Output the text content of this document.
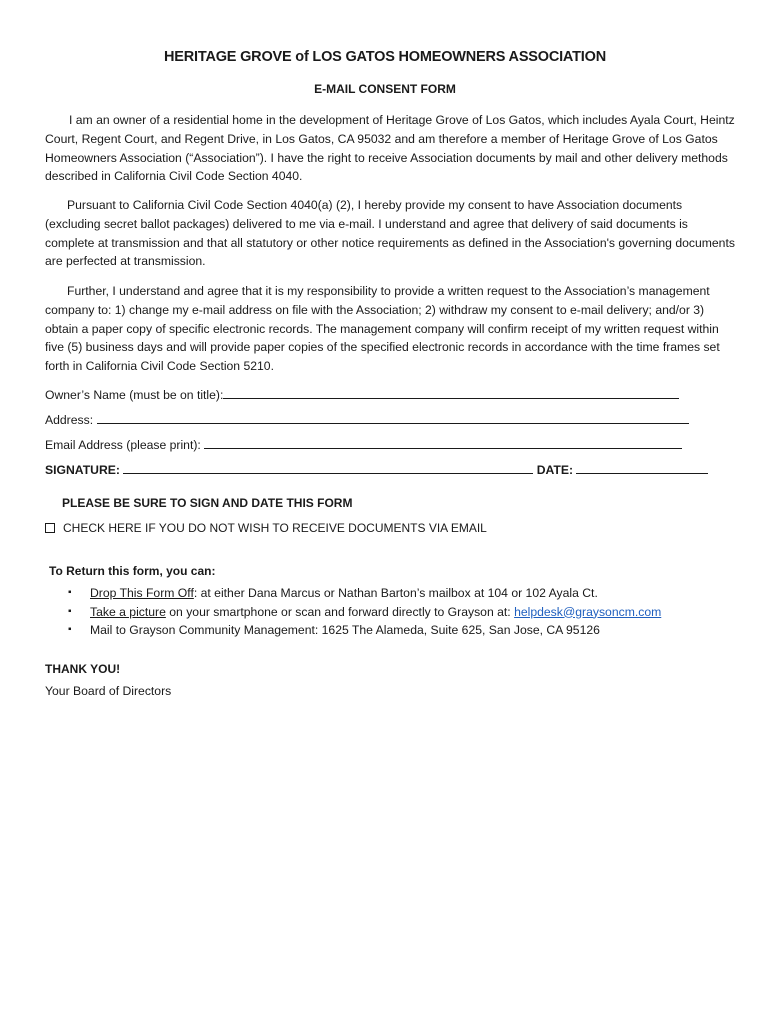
HERITAGE GROVE of LOS GATOS HOMEOWNERS ASSOCIATION
E-MAIL CONSENT FORM

I am an owner of a residential home in the development of Heritage Grove of Los Gatos, which includes Ayala Court, Heintz Court, Regent Court, and Regent Drive, in Los Gatos, CA 95032 and am therefore a member of Heritage Grove of Los Gatos Homeowners Association (“Association”). I have the right to receive Association documents by mail and other delivery methods described in California Civil Code Section 4040.

Pursuant to California Civil Code Section 4040(a) (2), I hereby provide my consent to have Association documents (excluding secret ballot packages) delivered to me via e-mail. I understand and agree that delivery of said documents is complete at transmission and that all statutory or other notice requirements as defined in the Association's governing documents are perfected at transmission.

Further, I understand and agree that it is my responsibility to provide a written request to the Association’s management company to: 1) change my e-mail address on file with the Association; 2) withdraw my consent to e-mail delivery; and/or 3) obtain a paper copy of specific electronic records. The management company will confirm receipt of my written request within five (5) business days and will provide paper copies of the specified electronic records in accordance with the time frames set forth in California Civil Code Section 5210.

Owner’s Name (must be on title):
Address:
Email Address (please print):
SIGNATURE:	DATE:
PLEASE BE SURE TO SIGN AND DATE THIS FORM
CHECK HERE IF YOU DO NOT WISH TO RECEIVE DOCUMENTS VIA EMAIL
To Return this form, you can:
▪ Drop This Form Off: at either Dana Marcus or Nathan Barton’s mailbox at 104 or 102 Ayala Ct.
▪ Take a picture on your smartphone or scan and forward directly to Grayson at: helpdesk@graysoncm.com
▪ Mail to Grayson Community Management: 1625 The Alameda, Suite 625, San Jose, CA 95126
THANK YOU!
Your Board of Directors
